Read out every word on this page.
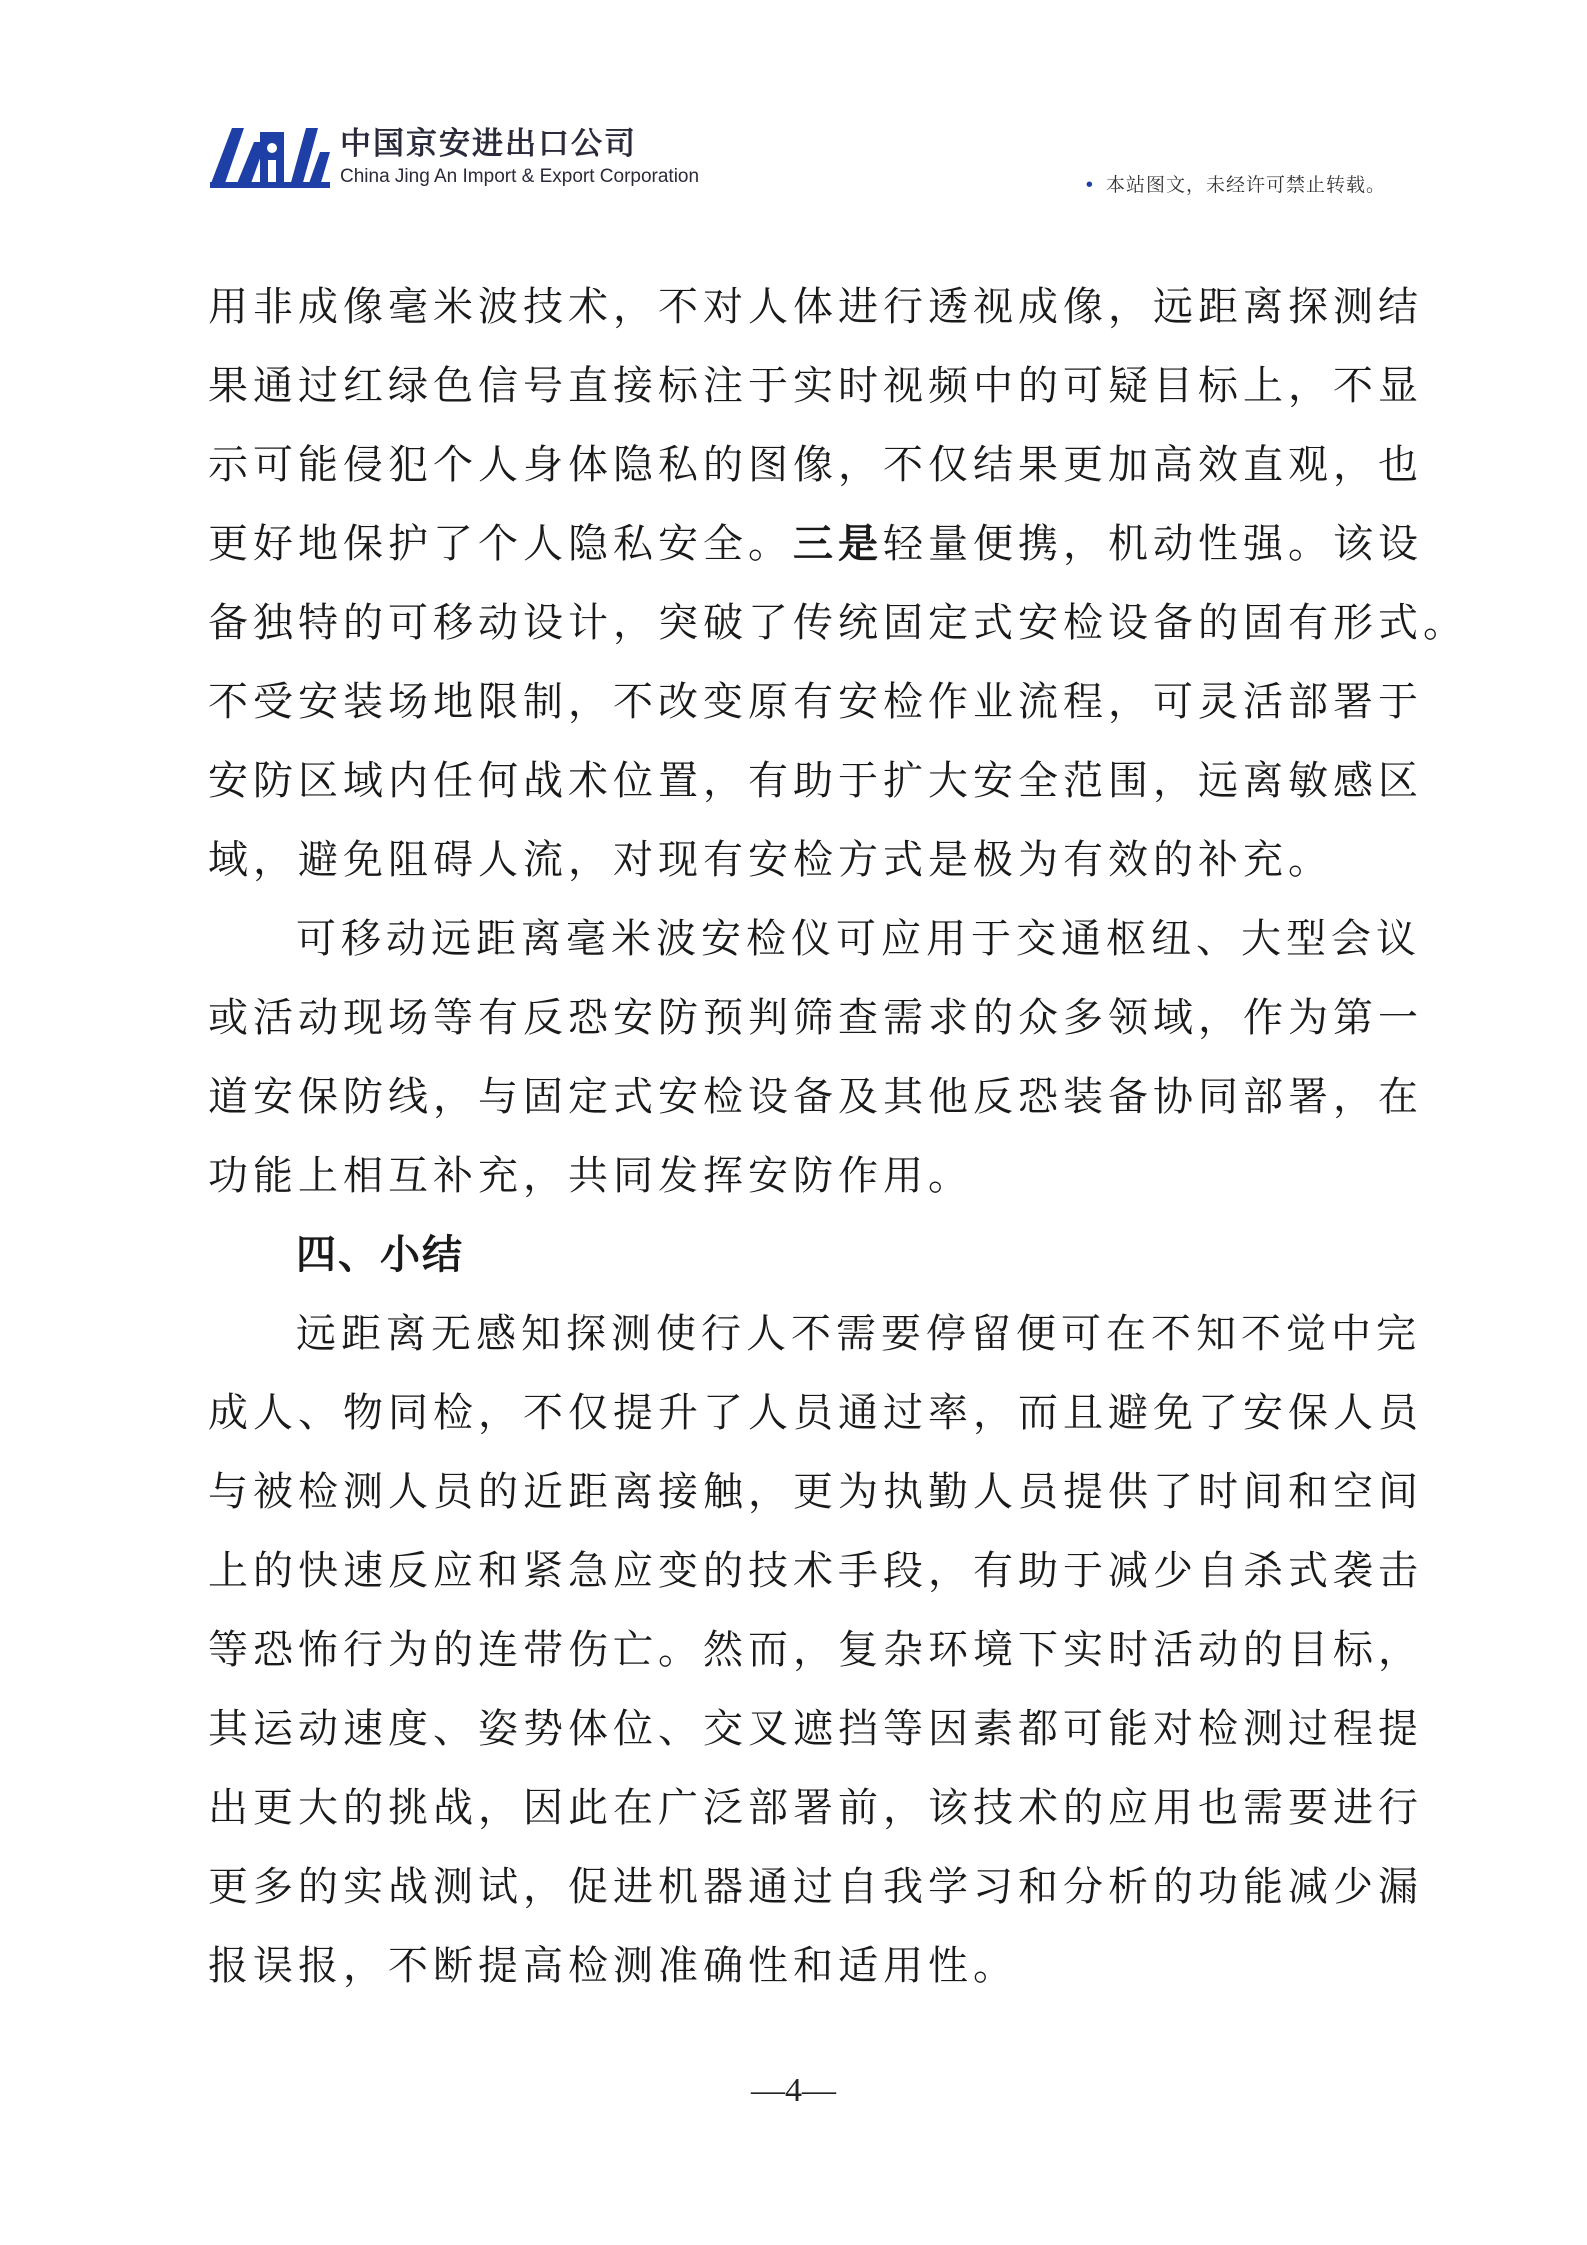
中国京安进出口公司
China Jing An Import & Export Corporation	• 本站图文，未经许可禁止转载。
用非成像毫米波技术，不对人体进行透视成像，远距离探测结
果通过红绿色信号直接标注于实时视频中的可疑目标上，不显
示可能侵犯个人身体隐私的图像，不仅结果更加高效直观，也
更好地保护了个人隐私安全。三是轻量便携，机动性强。该设
备独特的可移动设计，突破了传统固定式安检设备的固有形式。
不受安装场地限制，不改变原有安检作业流程，可灵活部署于
安防区域内任何战术位置，有助于扩大安全范围，远离敏感区
域，避免阻碍人流，对现有安检方式是极为有效的补充。
可移动远距离毫米波安检仪可应用于交通枢纽、大型会议
或活动现场等有反恐安防预判筛查需求的众多领域，作为第一
道安保防线，与固定式安检设备及其他反恐装备协同部署，在
功能上相互补充，共同发挥安防作用。
四、小结
远距离无感知探测使行人不需要停留便可在不知不觉中完
成人、物同检，不仅提升了人员通过率，而且避免了安保人员
与被检测人员的近距离接触，更为执勤人员提供了时间和空间
上的快速反应和紧急应变的技术手段，有助于减少自杀式袭击
等恐怖行为的连带伤亡。然而，复杂环境下实时活动的目标，
其运动速度、姿势体位、交叉遮挡等因素都可能对检测过程提
出更大的挑战，因此在广泛部署前，该技术的应用也需要进行
更多的实战测试，促进机器通过自我学习和分析的功能减少漏
报误报，不断提高检测准确性和适用性。
—4—
